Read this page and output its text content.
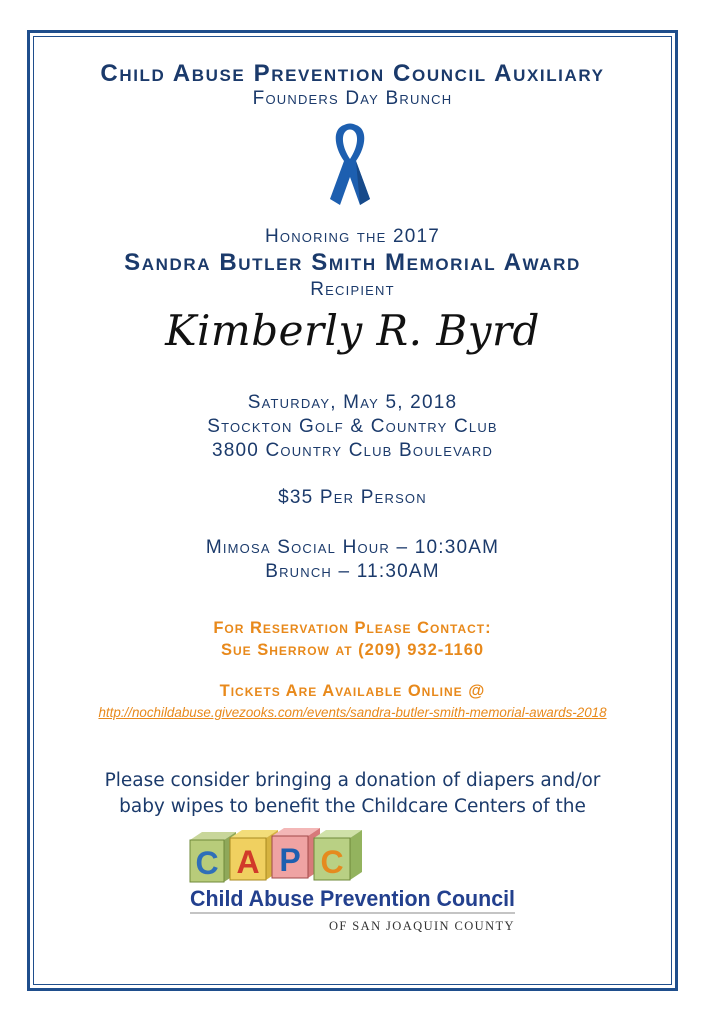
Child Abuse Prevention Council Auxiliary
Founders Day Brunch
Honoring the 2017
Sandra Butler Smith Memorial Award
Recipient
Kimberly R. Byrd
Saturday, May 5, 2018
Stockton Golf & Country Club
3800 Country Club Boulevard
$35 Per Person
Mimosa Social Hour – 10:30AM
Brunch – 11:30AM
For Reservation Please Contact:
Sue Sherrow at (209) 932-1160
Tickets Are Available Online @
http://nochildabuse.givezooks.com/events/sandra-butler-smith-memorial-awards-2018
Please consider bringing a donation of diapers and/or
baby wipes to benefit the Childcare Centers of the
C A P C
Child Abuse Prevention Council
OF SAN JOAQUIN COUNTY
